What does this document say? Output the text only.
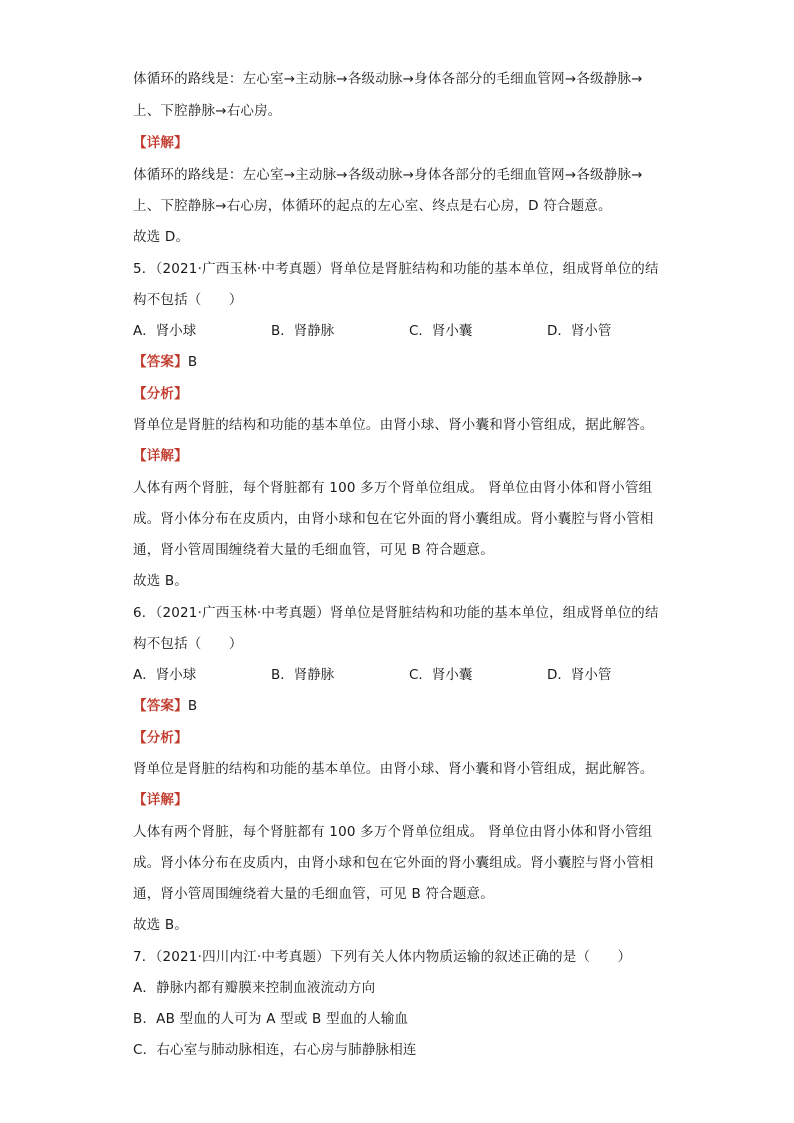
体循环的路线是：左心室→主动脉→各级动脉→身体各部分的毛细血管网→各级静脉→
上、下腔静脉→右心房。
【详解】
体循环的路线是：左心室→主动脉→各级动脉→身体各部分的毛细血管网→各级静脉→
上、下腔静脉→右心房，体循环的起点的左心室、终点是右心房，D 符合题意。
故选 D。
5．（2021·广西玉林·中考真题）肾单位是肾脏结构和功能的基本单位，组成肾单位的结
构不包括（　　）
A．肾小球	B．肾静脉	C．肾小囊	D．肾小管
【答案】B
【分析】
肾单位是肾脏的结构和功能的基本单位。由肾小球、肾小囊和肾小管组成，据此解答。
【详解】
人体有两个肾脏，每个肾脏都有 100 多万个肾单位组成。 肾单位由肾小体和肾小管组
成。肾小体分布在皮质内，由肾小球和包在它外面的肾小囊组成。肾小囊腔与肾小管相
通，肾小管周围缠绕着大量的毛细血管，可见 B 符合题意。
故选 B。
6．（2021·广西玉林·中考真题）肾单位是肾脏结构和功能的基本单位，组成肾单位的结
构不包括（　　）
A．肾小球	B．肾静脉	C．肾小囊	D．肾小管
【答案】B
【分析】
肾单位是肾脏的结构和功能的基本单位。由肾小球、肾小囊和肾小管组成，据此解答。
【详解】
人体有两个肾脏，每个肾脏都有 100 多万个肾单位组成。 肾单位由肾小体和肾小管组
成。肾小体分布在皮质内，由肾小球和包在它外面的肾小囊组成。肾小囊腔与肾小管相
通，肾小管周围缠绕着大量的毛细血管，可见 B 符合题意。
故选 B。
7．（2021·四川内江·中考真题）下列有关人体内物质运输的叙述正确的是（　　）
A．静脉内都有瓣膜来控制血液流动方向
B．AB 型血的人可为 A 型或 B 型血的人输血
C．右心室与肺动脉相连，右心房与肺静脉相连
